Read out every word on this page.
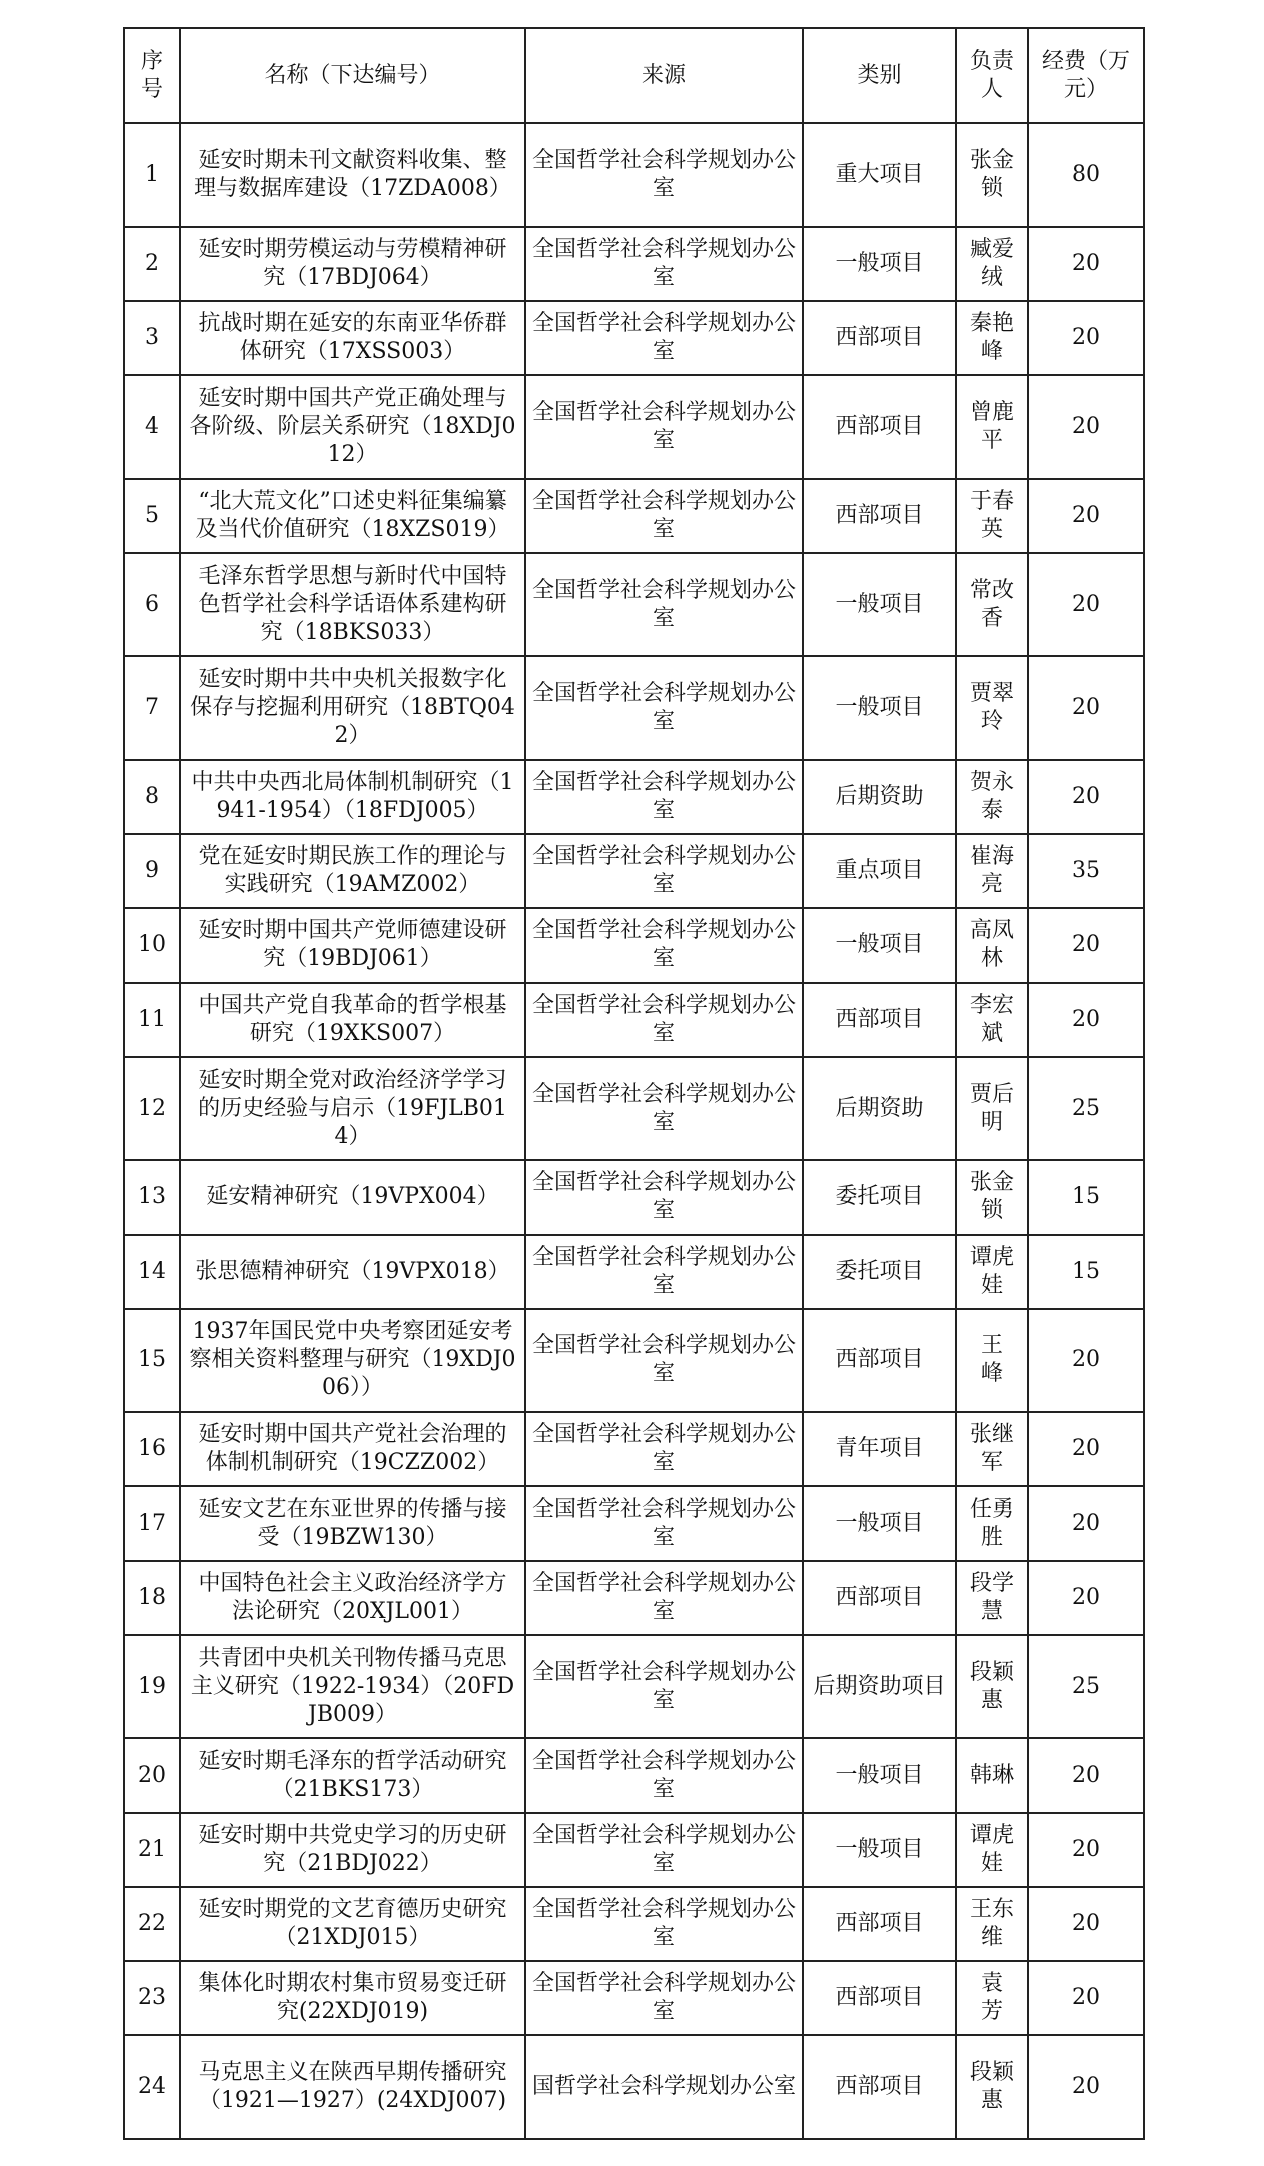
序号	名称（下达编号）	来源	类别	负责人	经费（万元）
1	延安时期未刊文献资料收集、整理与数据库建设（17ZDA008）	全国哲学社会科学规划办公室	重大项目	张金锁	80
2	延安时期劳模运动与劳模精神研究（17BDJ064）	全国哲学社会科学规划办公室	一般项目	臧爱绒	20
3	抗战时期在延安的东南亚华侨群体研究（17XSS003）	全国哲学社会科学规划办公室	西部项目	秦艳峰	20
4	延安时期中国共产党正确处理与各阶级、阶层关系研究（18XDJ012）	全国哲学社会科学规划办公室	西部项目	曾鹿平	20
5	“北大荒文化”口述史料征集编纂及当代价值研究（18XZS019）	全国哲学社会科学规划办公室	西部项目	于春英	20
6	毛泽东哲学思想与新时代中国特色哲学社会科学话语体系建构研究（18BKS033）	全国哲学社会科学规划办公室	一般项目	常改香	20
7	延安时期中共中央机关报数字化保存与挖掘利用研究（18BTQ042）	全国哲学社会科学规划办公室	一般项目	贾翠玲	20
8	中共中央西北局体制机制研究（1941-1954）（18FDJ005）	全国哲学社会科学规划办公室	后期资助	贺永泰	20
9	党在延安时期民族工作的理论与实践研究（19AMZ002）	全国哲学社会科学规划办公室	重点项目	崔海亮	35
10	延安时期中国共产党师德建设研究（19BDJ061）	全国哲学社会科学规划办公室	一般项目	高凤林	20
11	中国共产党自我革命的哲学根基研究（19XKS007）	全国哲学社会科学规划办公室	西部项目	李宏斌	20
12	延安时期全党对政治经济学学习的历史经验与启示（19FJLB014）	全国哲学社会科学规划办公室	后期资助	贾后明	25
13	延安精神研究（19VPX004）	全国哲学社会科学规划办公室	委托项目	张金锁	15
14	张思德精神研究（19VPX018）	全国哲学社会科学规划办公室	委托项目	谭虎娃	15
15	1937年国民党中央考察团延安考察相关资料整理与研究（19XDJ006））	全国哲学社会科学规划办公室	西部项目	王 峰	20
16	延安时期中国共产党社会治理的体制机制研究（19CZZ002）	全国哲学社会科学规划办公室	青年项目	张继军	20
17	延安文艺在东亚世界的传播与接受（19BZW130）	全国哲学社会科学规划办公室	一般项目	任勇胜	20
18	中国特色社会主义政治经济学方法论研究（20XJL001）	全国哲学社会科学规划办公室	西部项目	段学慧	20
19	共青团中央机关刊物传播马克思主义研究（1922-1934）（20FDJB009）	全国哲学社会科学规划办公室	后期资助项目	段颖惠	25
20	延安时期毛泽东的哲学活动研究（21BKS173）	全国哲学社会科学规划办公室	一般项目	韩琳	20
21	延安时期中共党史学习的历史研究（21BDJ022）	全国哲学社会科学规划办公室	一般项目	谭虎娃	20
22	延安时期党的文艺育德历史研究（21XDJ015）	全国哲学社会科学规划办公室	西部项目	王东维	20
23	集体化时期农村集市贸易变迁研究(22XDJ019)	全国哲学社会科学规划办公室	西部项目	袁 芳	20
24	马克思主义在陕西早期传播研究（1921—1927）(24XDJ007)	国哲学社会科学规划办公室	西部项目	段颖惠	20
